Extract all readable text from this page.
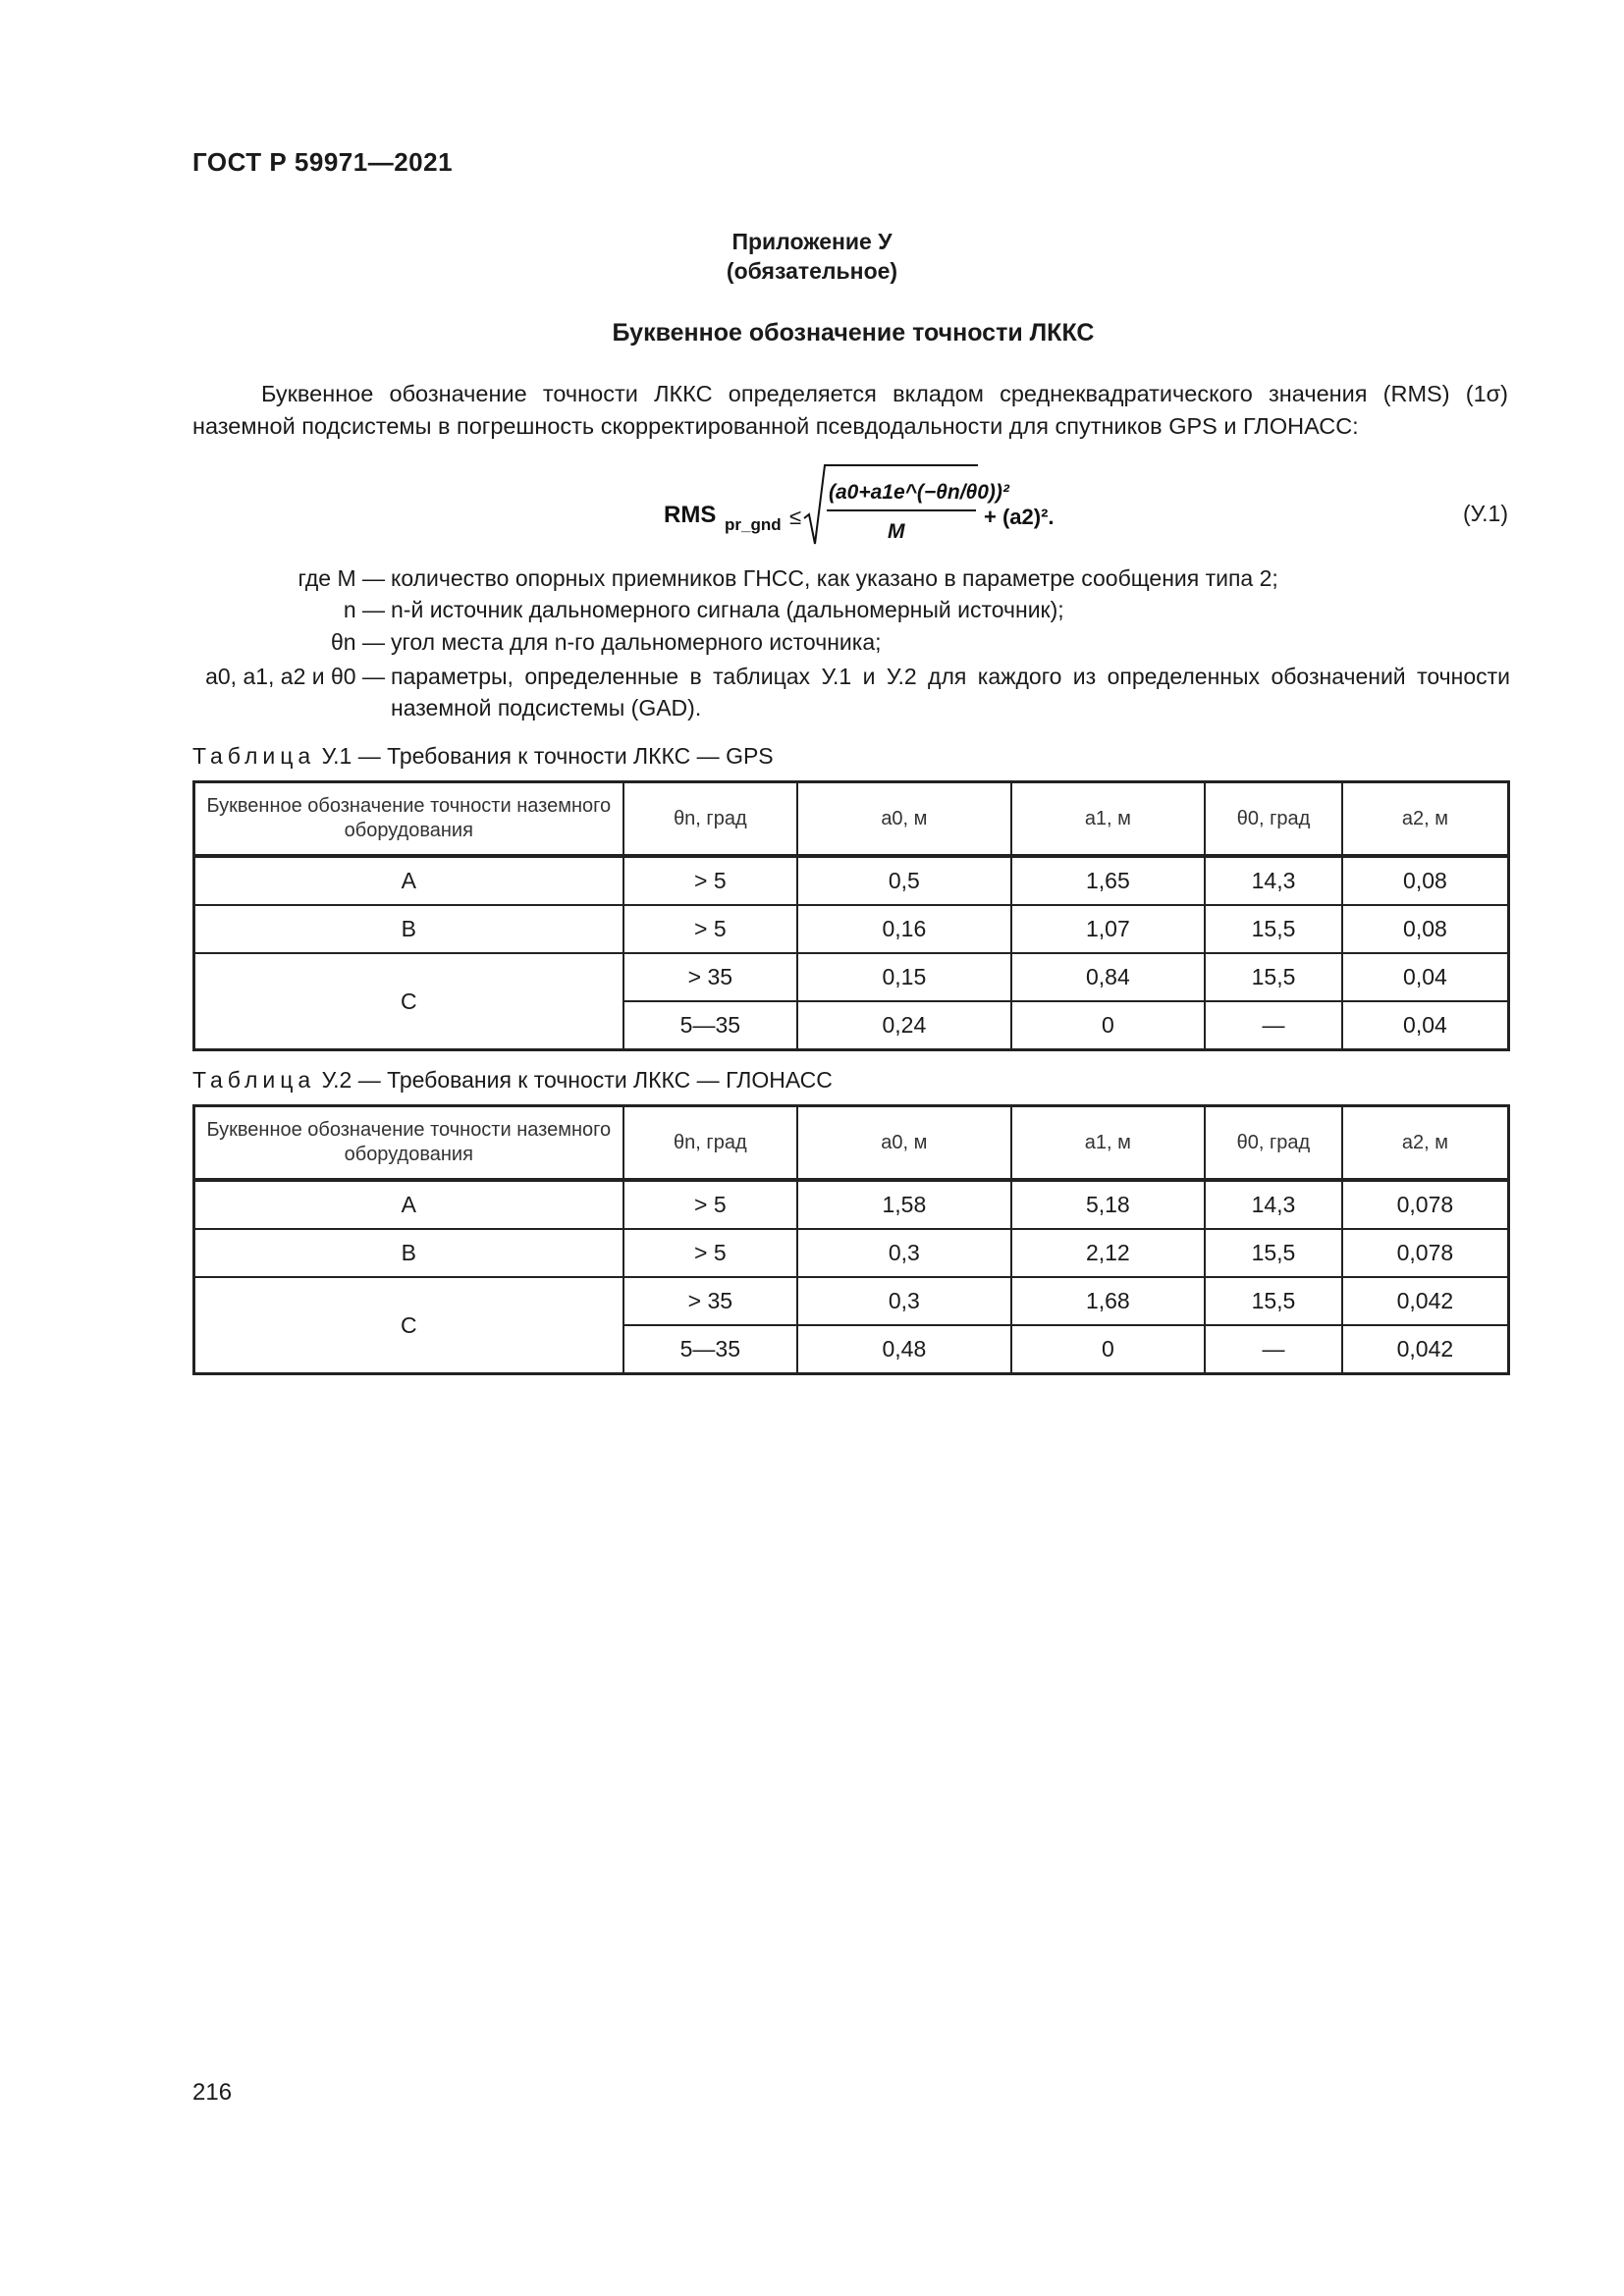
ГОСТ Р 59971—2021
Приложение У
(обязательное)
Буквенное обозначение точности ЛККС
Буквенное обозначение точности ЛККС определяется вкладом среднеквадратического значения (RMS) (1σ) наземной подсистемы в погрешность скорректированной псевдодальности для спутников GPS и ГЛОНАСС:
RMS pr_gnd ≤
(a0+a1e^(−θn/θ0))²
M
+ (a2)².	(У.1)
где M — количество опорных приемников ГНСС, как указано в параметре сообщения типа 2;
n — n-й источник дальномерного сигнала (дальномерный источник);
θn — угол места для n-го дальномерного источника;
a0, a1, a2 и θ0 — параметры, определенные в таблицах У.1 и У.2 для каждого из определенных обозначений точности наземной подсистемы (GAD).
Таблица У.1 — Требования к точности ЛККС — GPS
Буквенное обозначение точности наземного оборудования	θn, град	a0, м	a1, м	θ0, град	a2, м
A	> 5	0,5	1,65	14,3	0,08
B	> 5	0,16	1,07	15,5	0,08
C	> 35	0,15	0,84	15,5	0,04
	5—35	0,24	0	—	0,04
Таблица У.2 — Требования к точности ЛККС — ГЛОНАСС
Буквенное обозначение точности наземного оборудования	θn, град	a0, м	a1, м	θ0, град	a2, м
A	> 5	1,58	5,18	14,3	0,078
B	> 5	0,3	2,12	15,5	0,078
C	> 35	0,3	1,68	15,5	0,042
	5—35	0,48	0	—	0,042
216
